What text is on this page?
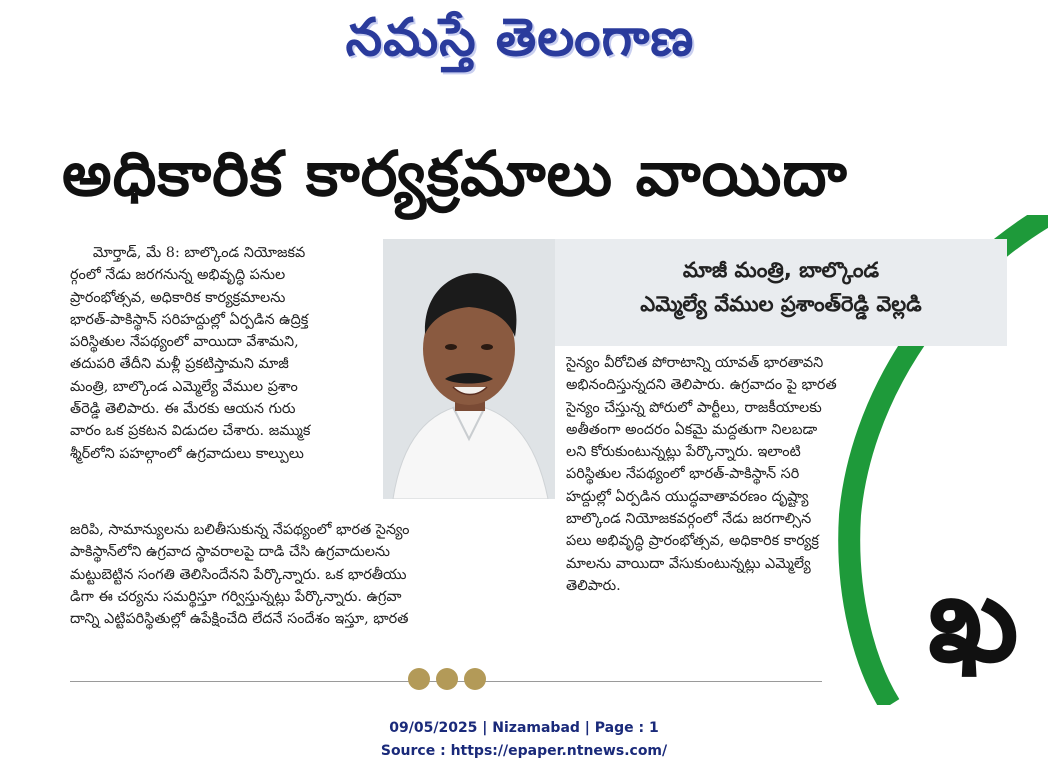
నమస్తే తెలంగాణ
అధికారిక కార్యక్రమాలు వాయిదా
మాజీ మంత్రి, బాల్కొండ
ఎమ్మెల్యే వేముల ప్రశాంత్‌రెడ్డి వెల్లడి
మోర్తాడ్, మే 8: బాల్కొండ నియోజకవ
ర్గంలో నేడు జరగనున్న అభివృద్ధి పనుల
ప్రారంభోత్సవ, అధికారిక కార్యక్రమాలను
భారత్-పాకిస్థాన్ సరిహద్దుల్లో ఏర్పడిన ఉద్రిక్త
పరిస్థితుల నేపథ్యంలో వాయిదా వేశామని,
తదుపరి తేదీని మళ్లీ ప్రకటిస్తామని మాజీ
మంత్రి, బాల్కొండ ఎమ్మెల్యే వేముల ప్రశాం
త్‌రెడ్డి తెలిపారు. ఈ మేరకు ఆయన గురు
వారం ఒక ప్రకటన విడుదల చేశారు. జమ్ముక
శ్మీర్‌లోని పహల్గాంలో ఉగ్రవాదులు కాల్పులు
జరిపి, సామాన్యులను బలితీసుకున్న నేపథ్యంలో భారత సైన్యం
పాకిస్థాన్‌లోని ఉగ్రవాద స్థావరాలపై దాడి చేసి ఉగ్రవాదులను
మట్టుబెట్టిన సంగతి తెలిసిందేనని పేర్కొన్నారు. ఒక భారతీయు
డిగా ఈ చర్యను సమర్థిస్తూ గర్విస్తున్నట్లు పేర్కొన్నారు. ఉగ్రవా
దాన్ని ఎట్టిపరిస్థితుల్లో ఉపేక్షించేది లేదనే సందేశం ఇస్తూ, భారత
సైన్యం వీరోచిత పోరాటాన్ని యావత్ భారతావని
అభినందిస్తున్నదని తెలిపారు. ఉగ్రవాదం పై భారత
సైన్యం చేస్తున్న పోరులో పార్టీలు, రాజకీయాలకు
అతీతంగా అందరం ఏకమై మద్దతుగా నిలబడా
లని కోరుకుంటున్నట్లు పేర్కొన్నారు. ఇలాంటి
పరిస్థితుల నేపథ్యంలో భారత్-పాకిస్థాన్ సరి
హద్దుల్లో ఏర్పడిన యుద్ధవాతావరణం దృష్ట్యా
బాల్కొండ నియోజకవర్గంలో నేడు జరగాల్సిన
పలు అభివృద్ధి ప్రారంభోత్సవ, అధికారిక కార్యక్ర
మాలను వాయిదా వేసుకుంటున్నట్లు ఎమ్మెల్యే
తెలిపారు.	ఖ
09/05/2025 | Nizamabad | Page : 1
Source : https://epaper.ntnews.com/
